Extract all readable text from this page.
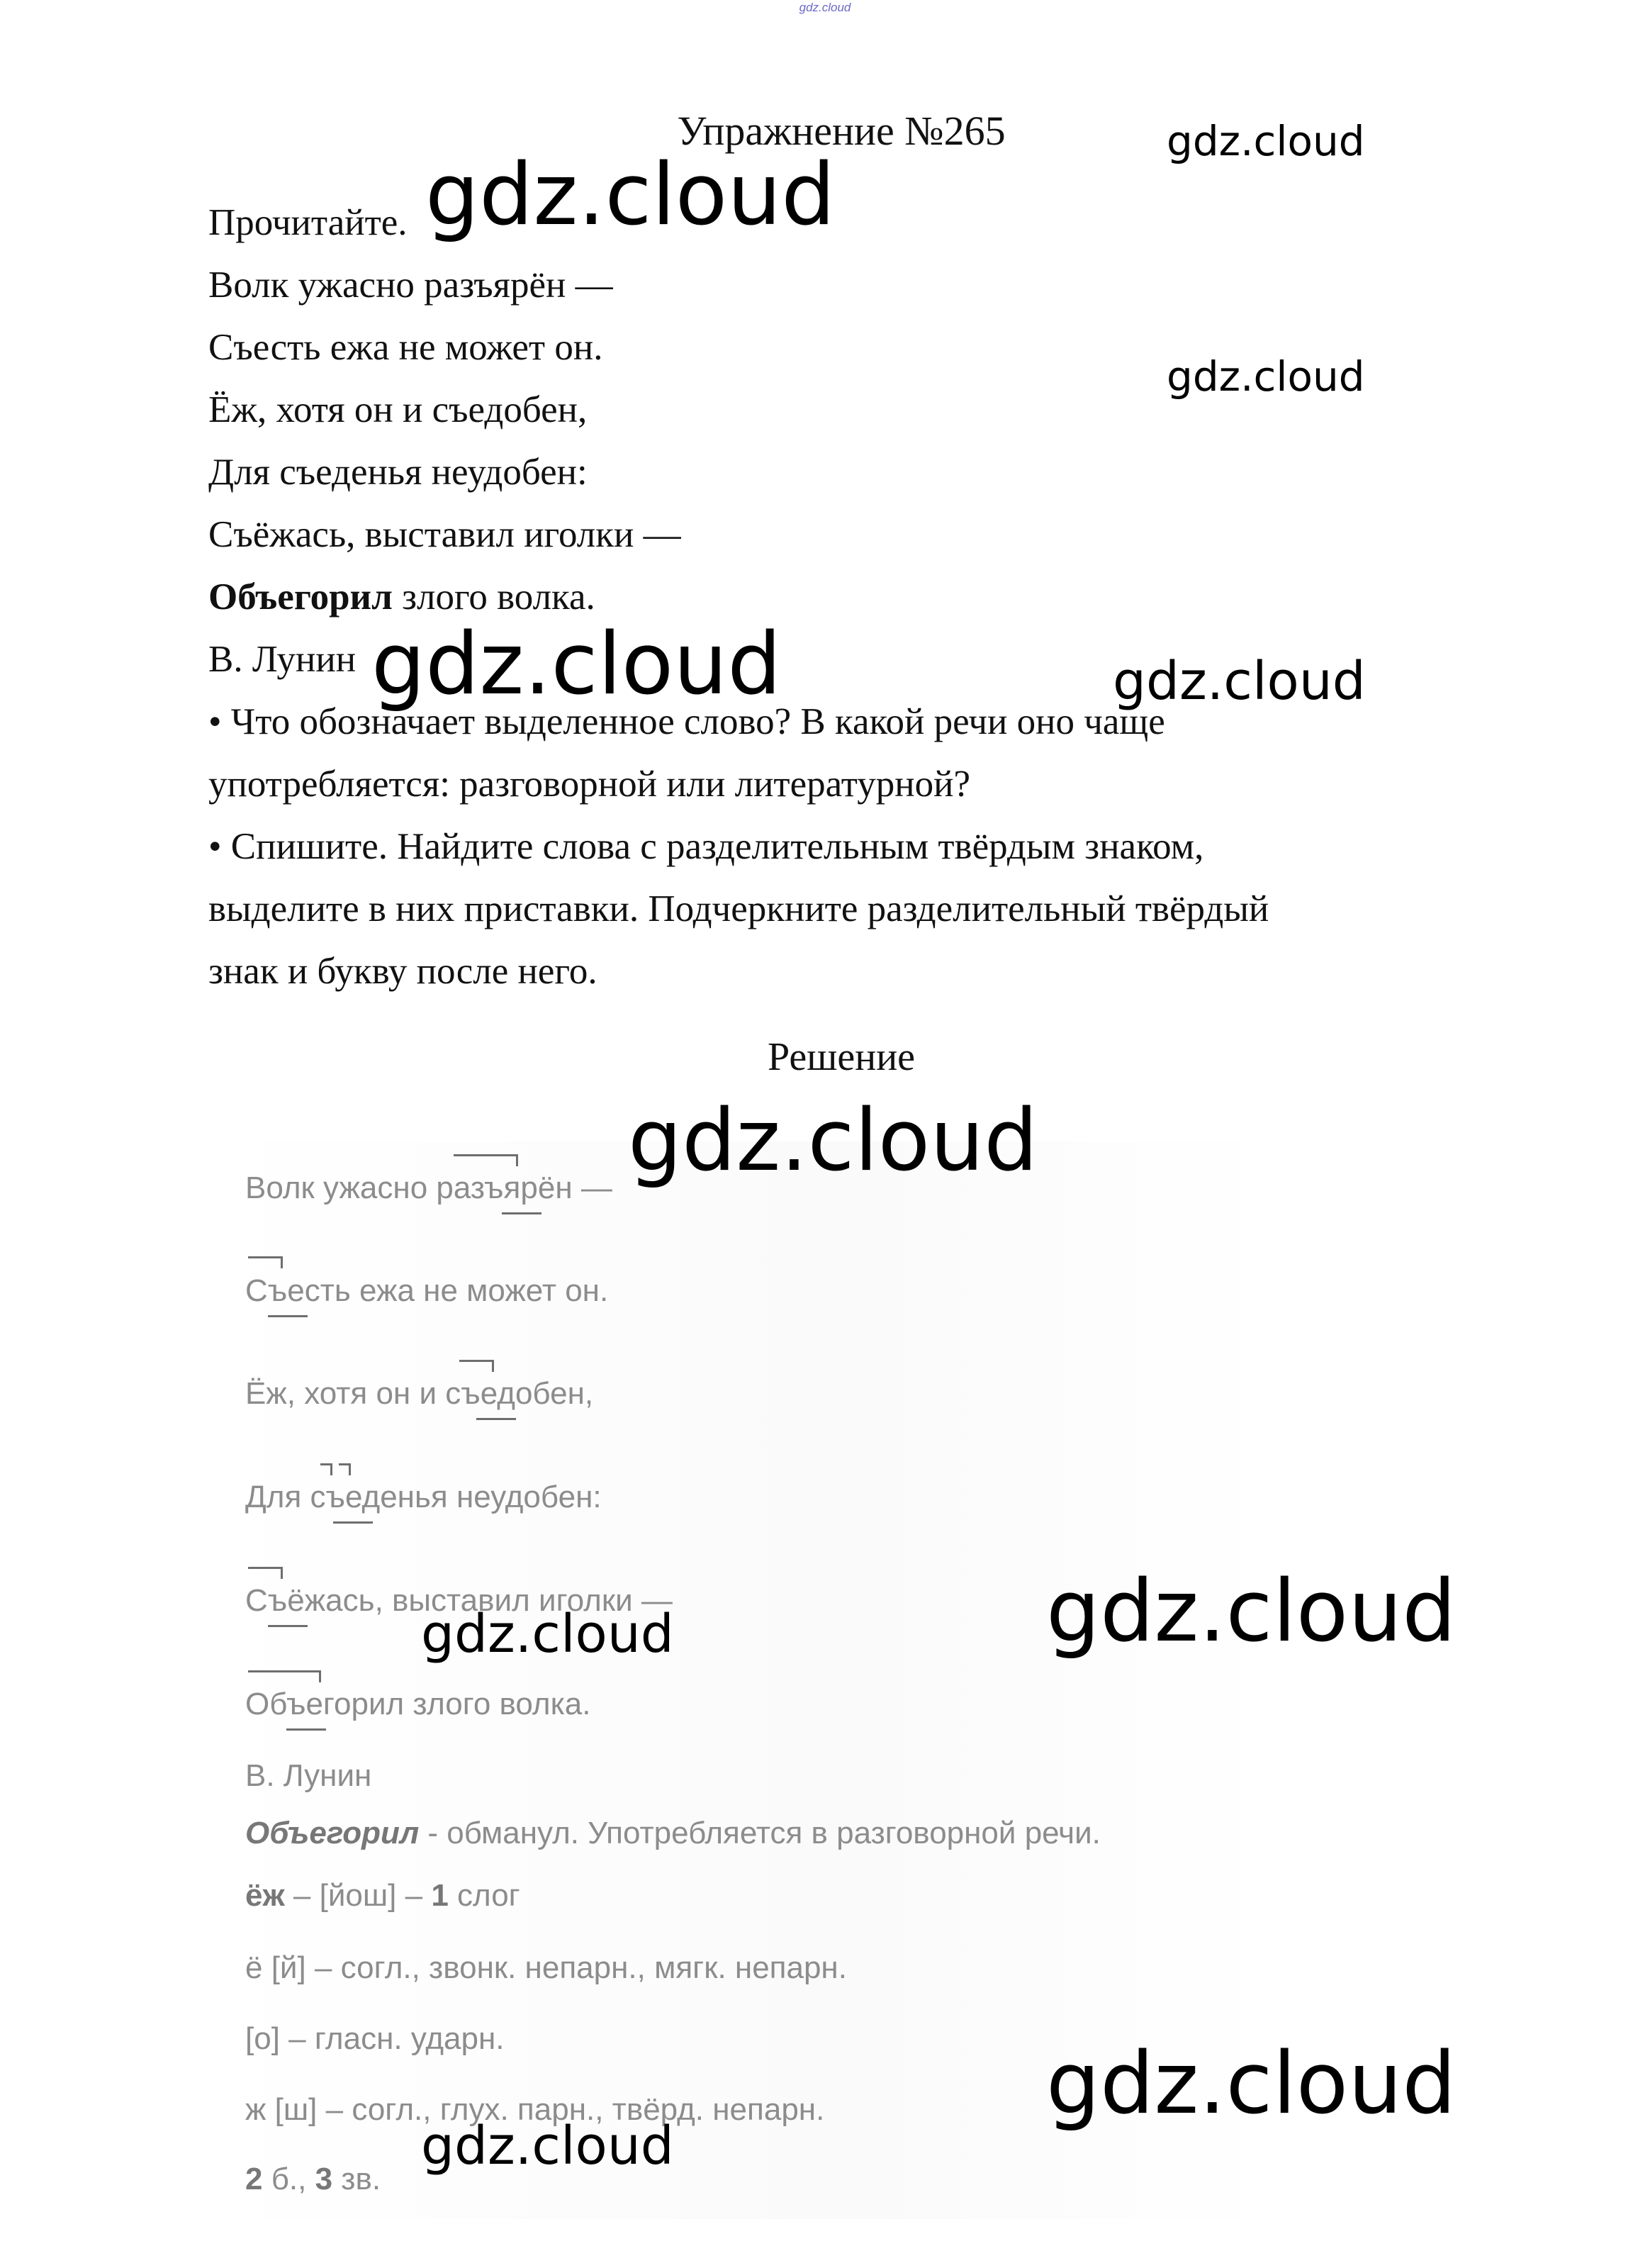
gdz.cloud
Упражнение №265
Прочитайте.
Волк ужасно разъярён —
Съесть ежа не может он.
Ёж, хотя он и съедобен,
Для съеденья неудобен:
Съёжась, выставил иголки —
Объегорил злого волка.
В. Лунин
• Что обозначает выделенное слово? В какой речи оно чаще
употребляется: разговорной или литературной?
• Спишите. Найдите слова с разделительным твёрдым знаком,
выделите в них приставки. Подчеркните разделительный твёрдый
знак и букву после него.
Решение
Волк ужасно разъярён —
Съесть ежа не может он.
Ёж, хотя он и съедобен,
Для съеденья неудобен:
Съёжась, выставил иголки —
Объегорил злого волка.
В. Лунин
Объегорил - обманул. Употребляется в разговорной речи.
ёж – [йош] – 1 слог
ё [й] – согл., звонк. непарн., мягк. непарн.
[о] – гласн. ударн.
ж [ш] – согл., глух. парн., твёрд. непарн.
2 б., 3 зв.
gdz.cloud
gdz.cloud
gdz.cloud
gdz.cloud	gdz.cloud
gdz.cloud
gdz.cloud
gdz.cloud
gdz.cloud
gdz.cloud
